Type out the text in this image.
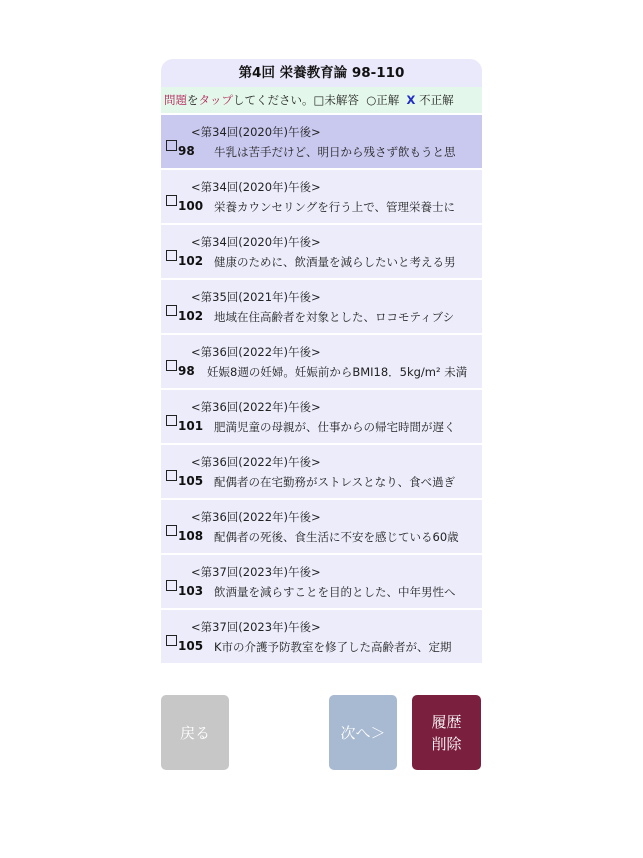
第4回 栄養教育論 98-110
問題をタップしてください。□未解答 ○正解 X 不正解
<第34回(2020年)午後>
98 牛乳は苦手だけど、明日から残さず飲もうと思
<第34回(2020年)午後>
100 栄養カウンセリングを行う上で、管理栄養士に
<第34回(2020年)午後>
102 健康のために、飲酒量を減らしたいと考える男
<第35回(2021年)午後>
102 地域在住高齢者を対象とした、ロコモティブシ
<第36回(2022年)午後>
98 妊娠8週の妊婦。妊娠前からBMI18．5kg/m² 未満
<第36回(2022年)午後>
101 肥満児童の母親が、仕事からの帰宅時間が遅く
<第36回(2022年)午後>
105 配偶者の在宅勤務がストレスとなり、食べ過ぎ
<第36回(2022年)午後>
108 配偶者の死後、食生活に不安を感じている60歳
<第37回(2023年)午後>
103 飲酒量を減らすことを目的とした、中年男性へ
<第37回(2023年)午後>
105 K市の介護予防教室を修了した高齢者が、定期
戻る	次へ＞
履歴
削除
